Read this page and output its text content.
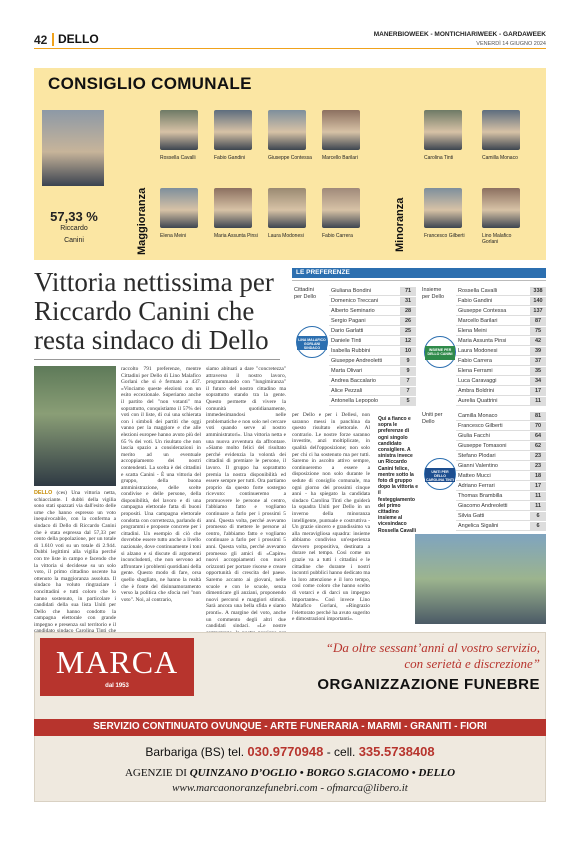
42 DELLO	MANERBIOWEEK - MONTICHIARIWEEK - GARDAWEEK
VENERDÌ 14 GIUGNO 2024
CONSIGLIO COMUNALE
57,33 %
Riccardo
Canini	Maggioranza	Minoranza
Rossella Cavalli	Fabio Gandini	Giuseppe Contessa Marcello Barilari
Elena Meini	Maria Assunta Pinsi Laura Modonesi	Fabio Carrera
Carolina Tinti	Camilla Monaco
Francesco Gilberti	Lino Malafico Gorlani
Vittoria nettissima per Riccardo Canini che resta sindaco di Dello
DELLO (ces) Una vittoria netta, schiacciante. I dubbi della vigilia sono stati spazzati via dall'esito delle urne che hanno espresso un voto inequivocabile, con la conferma a sindaco di Dello di Riccardo Canini che è stata espressa dal 57,33 per cento della popolazione, per un totale di 1.610 voti su un totale di 2.944. Dubbi legittimi alla vigilia perché con tre liste in campo e facendo che la vittoria si decidesse su un solo voto, il primo cittadino uscente ha ottenuto la maggioranza assoluta. Il sindaco ha voluto ringraziare i concittadini e tutti coloro che lo hanno sostenuto, in particolare i candidati della sua lista Uniti per Dello che hanno condotto la campagna elettorale con grande impegno e presenza sul territorio e il
raccolto 791 preferenze, mentre Cittadini per Dello di Lino Malafico Gorlani che si è fermato a 437. «Vinciamo queste elezioni con un esito eccezionale. Superiamo anche il partito del "non votanti" ma soprattutto, conquistiamo il 57% dei voti con il liste, di cui una schierata con i simboli dei partiti che oggi vanno per la maggiore e che alle elezioni europee hanno avuto più del 65 % dei voti. Un risultato che non lascia spazio a considerazioni in merito ad un eventuale accoppiamento dei nostri contendenti. La scelta è dei cittadini e scatta Canini - È una vittoria del gruppo, della buona amministrazione, delle scelte condivise e delle persone, della disponibilità, del lavoro e di una campagna elettorale fatta di buoni propositi. Una campagna elettorale condotta con correttezza, parlando di programmi e proposte concrete per i cittadini. Un esempio di ciò che dovrebbe essere tutto anche a livello nazionale, dove continuamente i toni si alzano e si discute di argomenti inconcludenti, che non servono ad affrontare i problemi quotidiani della gente. Questo modo di fare, orsa quello sbagliato, ne hanno la realtà che è fonte del disinnamoramento verso la politica che sfocia nel "non voto". Noi, al contrario,
siamo abituati a dare "concretezza" attraverso il nostro lavoro, programmando con "lungimiranza" il futuro del nostro cittadino ma soprattutto stando tra la gente. Questo permette di vivere la comunità quotidianamente, immedesimandosi nelle problematiche e non solo nel cercare voti quando serve al nostro amministratori». Una vittoria netta e una nuova avventura da affrontare. «Siamo molto felici del risultato perché evidenzia la volontà dei cittadini di premiare le persone, il lavoro. Il gruppo ha soprattutto premia la nostra disponibilità ed essere sempre per tutti. Ora partiamo proprio da questo forte sostegno ricevuto: continueremo a promuovere le persone al centro, l'abbiamo fatto e vogliamo continuare a farlo per i prossimi 5 anni. Questa volta, perché avevamo promesso di mettere le persone al centro, l'abbiamo fatto e vogliamo continuare a farlo per i prossimi 5 anni. Questa volta, perché avevamo promesso gli amici di «Capire» nuovi accoppiamenti con nuovi orizzonti per portare risorse e creare opportunità di crescita del paese. Saremo accanto ai giovani, nelle scuole e con le scuole, senza dimenticare gli anziani, proponendo nuovi percorsi e maggiori stimoli. Sarà ancora una bella sfida e siamo pronti». A margine del voto, anche un commento degli altri due candidati sindaci. «Le nostre
per Dello e per i Dellesi, non saranno messi in panchina da questo risultato elettorale. Al contrario. Le nostre forze saranno investite, anzi moltiplicate, in qualità dell'opposizione; non solo per chi ci ha sostenuto ma per tutti. Saremo in ascolto attivo sempre, continueremo a essere a disposizione non solo durante le sedute di consiglio comunale, ma ogni giorno dei prossimi cinque anni - ha spiegato la candidata sindaco Carolina Tinti che guiderà la squadra Uniti per Dello in un inverno della minoranza intelligente, puntuale e costruttiva - Un grazie sincero e grandissimo va alla meravigliosa squadra: insieme abbiamo condiviso un'esperienza davvero propositiva, destinata a durare nel tempo. Così come un grazie va a tutti i cittadini e le cittadine che durante i nostri incontri pubblici hanno dedicato ma la loro attenzione e il loro tempo, così come coloro che hanno scelto di votarci e di darci un impegno importante». Così invece Lino Malafico Gorlani, «Ringrazio l'elettorato perché ha avuto sugerito e dimostrazioni importanti».
LE PREFERENZE
Cittadini per Dello
Insieme per Dello
Uniti per Dello
Giuliana Bondini	71
Domenico Treccani	31
Alberto Seminario	28
Sergio Pagani	26
Dario Garlatti	25
Daniele Tinti	12
Isabella Rubbini	10
Giuseppe Andreoletti	9
Marta Olivari	9
Andrea Baccalario	7
Alice Pezzali	7
Antonella Lepopolo	5
Rossella Cavalli	338
Fabio Gandini	140
Giuseppe Contessa	137
Marcello Barilari	87
Elena Meini	75
Maria Assunta Pinsi	42
Laura Modonesi	39
Fabio Carrera	37
Elena Ferrami	35
Luca Caravaggi	34
Ambra Boldrini	17
Aurelia Quattrini	11
Camilla Monaco	81
Francesco Gilberti	70
Giulia Facchi	64
Giuseppe Tomasoni	62
Stefano Plodari	23
Gianni Valentino	23
Matteo Mucci	18
Adriano Ferrari	17
Thomas Brambilla	11
Giacomo Andreoletti	11
Silvia Gatti	6
Angelica Sigalini	6
LINA MALAFICO GORLANI SINDACO	INSIEME PER DELLO CANINI
UNITI PER DELLO CAROLINA TINTI
Qui a fianco e sopra le preferenze di ogni singolo candidato consigliere. A sinistra invece un Riccardo Canini felice, mentre sotto la foto di gruppo dopo la vittoria e il festeggiamento del primo cittadino insieme al vicesindaco Rossella Cavalli
MARCA
dal 1953
“Da oltre sessant’anni al vostro servizio,
con serietà e discrezione”
ORGANIZZAZIONE FUNEBRE
SERVIZIO CONTINUATO OVUNQUE - ARTE FUNERARIA - MARMI - GRANITI - FIORI
Barbariga (BS) tel. 030.9770948 - cell. 335.5738408
AGENZIE DI QUINZANO D’OGLIO • BORGO S.GIACOMO • DELLO
www.marcaonoranzefunebri.com - ofmarca@libero.it
